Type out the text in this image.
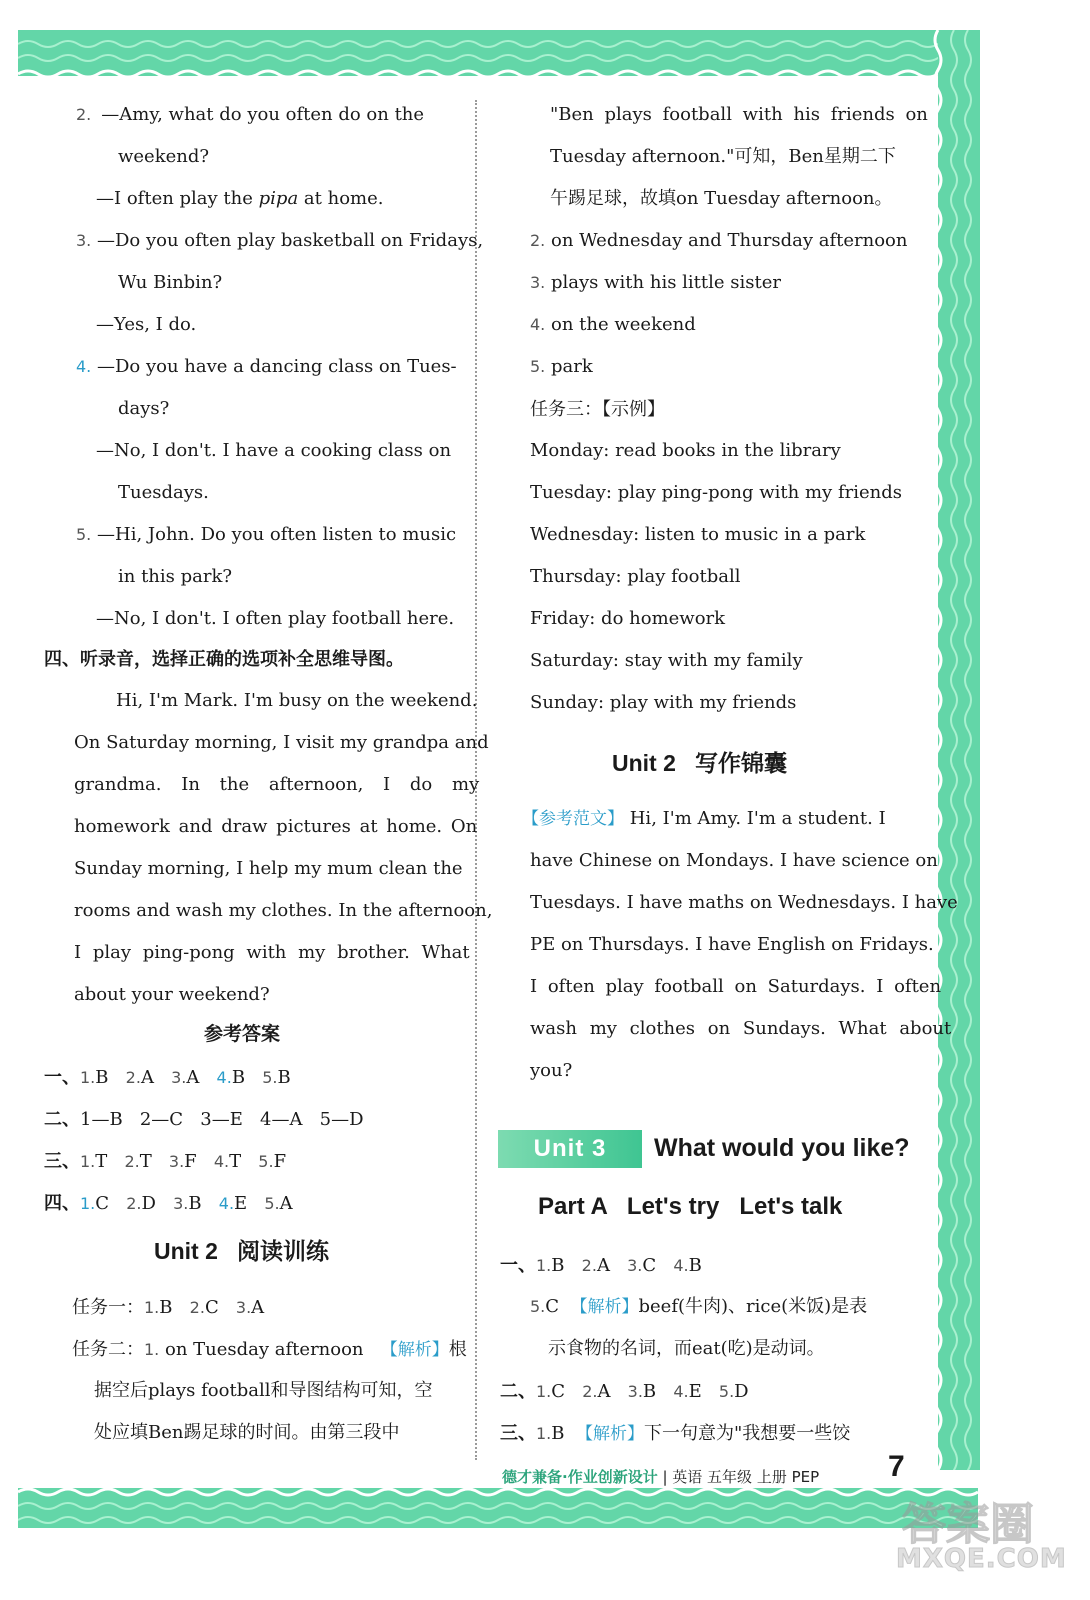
2. —Amy, what do you often do on the
weekend?
—I often play the pipa at home.
3. —Do you often play basketball on Fridays,
Wu Binbin?
—Yes, I do.
4. —Do you have a dancing class on Tues-
days?
—No, I don't. I have a cooking class on
Tuesdays.
5. —Hi, John. Do you often listen to music
in this park?
—No, I don't. I often play football here.
四、听录音，选择正确的选项补全思维导图。
Hi, I'm Mark. I'm busy on the weekend.
On Saturday morning, I visit my grandpa and
grandma. In the afternoon, I do my
homework and draw pictures at home. On
Sunday morning, I help my mum clean the
rooms and wash my clothes. In the afternoon,
I play ping-pong with my brother. What
about your weekend?
参考答案
一、1.B 2.A 3.A 4.B 5.B
二、1—B 2—C 3—E 4—A 5—D
三、1.T 2.T 3.F 4.T 5.F
四、1.C 2.D 3.B 4.E 5.A
Unit 2   阅读训练
任务一：1.B 2.C 3.A
任务二：1. on Tuesday afternoon 【解析】根
据空后plays football和导图结构可知，空
处应填Ben踢足球的时间。由第三段中
"Ben plays football with his friends on
Tuesday afternoon."可知，Ben星期二下
午踢足球，故填on Tuesday afternoon。
2. on Wednesday and Thursday afternoon
3. plays with his little sister
4. on the weekend
5. park
任务三：【示例】
Monday: read books in the library
Tuesday: play ping-pong with my friends
Wednesday: listen to music in a park
Thursday: play football
Friday: do homework
Saturday: stay with my family
Sunday: play with my friends
Unit 2   写作锦囊
【参考范文】 Hi, I'm Amy. I'm a student. I
have Chinese on Mondays. I have science on
Tuesdays. I have maths on Wednesdays. I have
PE on Thursdays. I have English on Fridays.
I often play football on Saturdays. I often
wash my clothes on Sundays. What about
you?
Part A   Let's try   Let's talk
一、1.B 2.A 3.C 4.B
5.C 【解析】beef(牛肉)、rice(米饭)是表
示食物的名词，而eat(吃)是动词。
二、1.C 2.A 3.B 4.E 5.D
三、1.B 【解析】下一句意为"我想要一些饺
Unit 3	What would you like?
德才兼备·作业创新设计 | 英语 五年级 上册 PEP 7
答案圈
MXQE.COM
